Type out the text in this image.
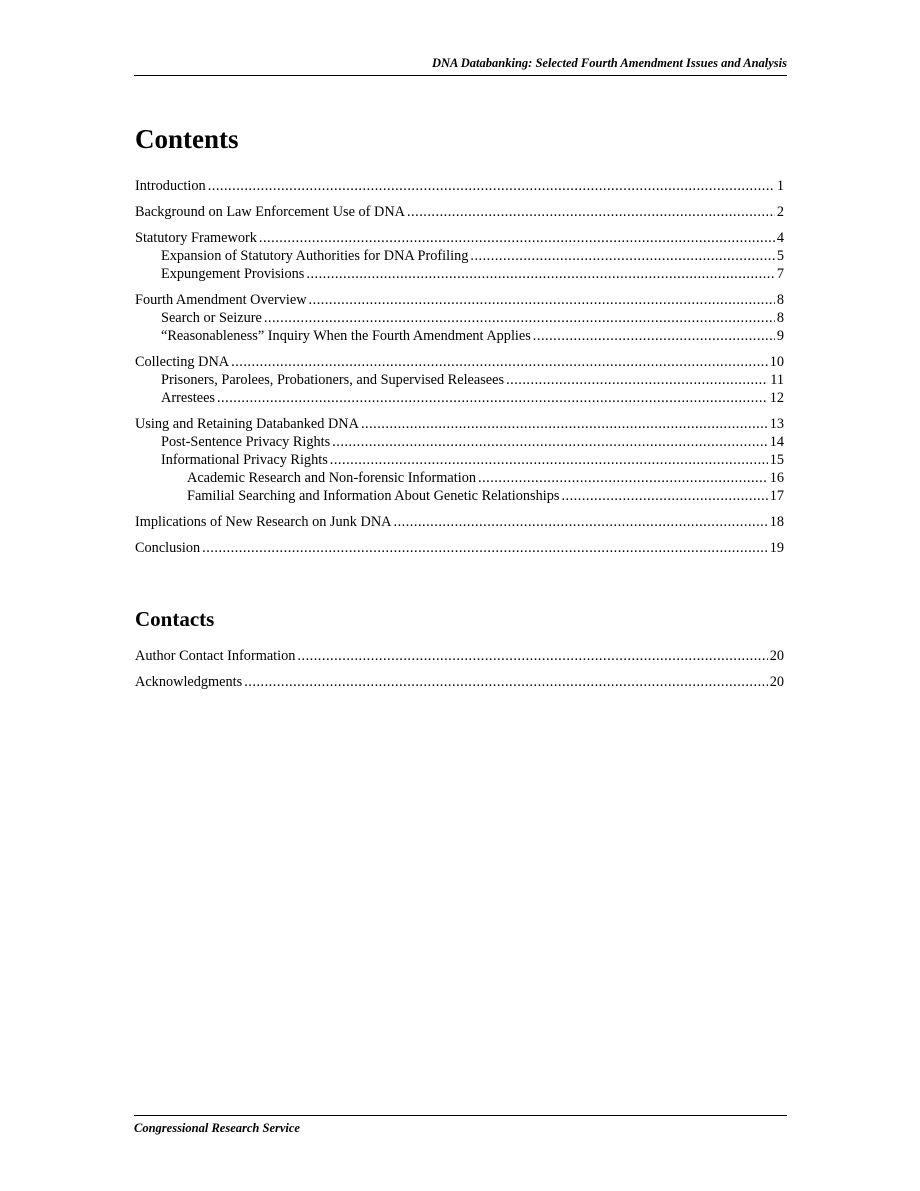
DNA Databanking: Selected Fourth Amendment Issues and Analysis
Contents
Introduction .....	1
Background on Law Enforcement Use of DNA .....	2
Statutory Framework .....	4
Expansion of Statutory Authorities for DNA Profiling .....	5
Expungement Provisions .....	7
Fourth Amendment Overview .....	8
Search or Seizure .....	8
“Reasonableness” Inquiry When the Fourth Amendment Applies .....	9
Collecting DNA .....	10
Prisoners, Parolees, Probationers, and Supervised Releasees .....	11
Arrestees .....	12
Using and Retaining Databanked DNA .....	13
Post-Sentence Privacy Rights .....	14
Informational Privacy Rights .....	15
Academic Research and Non-forensic Information .....	16
Familial Searching and Information About Genetic Relationships .....	17
Implications of New Research on Junk DNA .....	18
Conclusion .....	19
Contacts
Author Contact Information .....	20
Acknowledgments .....	20
Congressional Research Service
